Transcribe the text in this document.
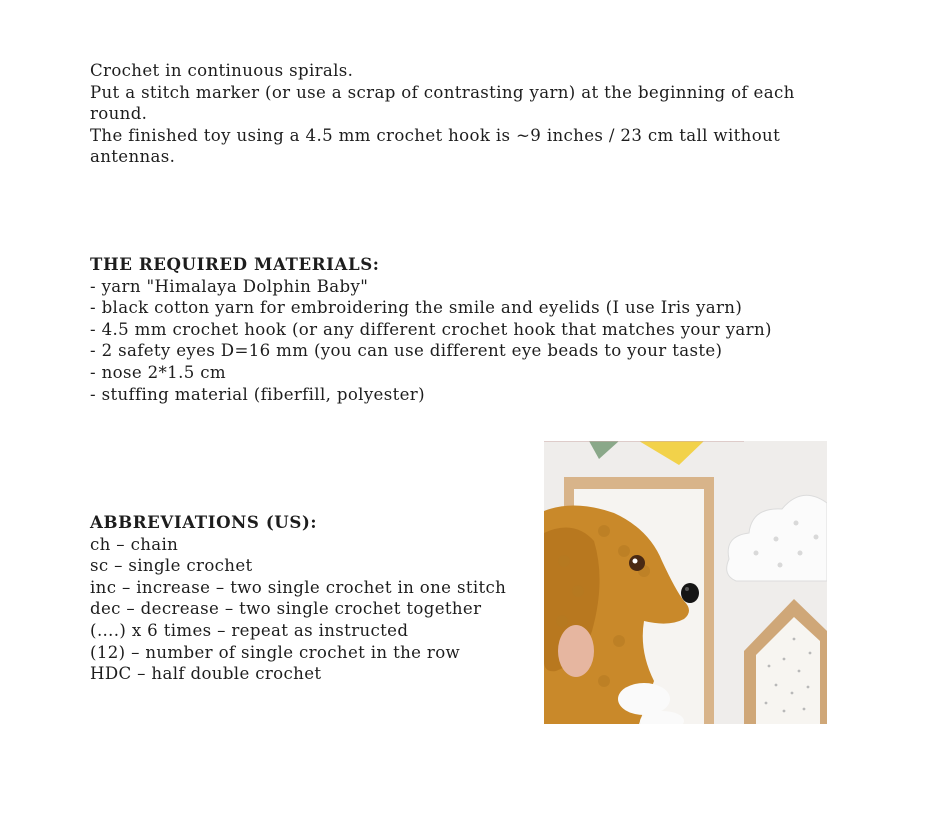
Crochet in continuous spirals.
Put a stitch marker (or use a scrap of contrasting yarn) at the beginning of each round.
The finished toy using a 4.5 mm crochet hook is ~9 inches / 23 cm tall without antennas.
THE REQUIRED MATERIALS:
- yarn "Himalaya Dolphin Baby"
- black cotton yarn for embroidering the smile and eyelids (I use Iris yarn)
- 4.5 mm crochet hook (or any different crochet hook that matches your yarn)
- 2 safety eyes D=16 mm (you can use different eye beads to your taste)
- nose 2*1.5 cm
- stuffing material (fiberfill, polyester)
ABBREVIATIONS (US):
ch – chain
sc – single crochet
inc – increase – two single crochet in one stitch
dec – decrease – two single crochet together
(….) x 6 times – repeat as instructed
(12) – number of single crochet in the row
HDC – half double crochet
